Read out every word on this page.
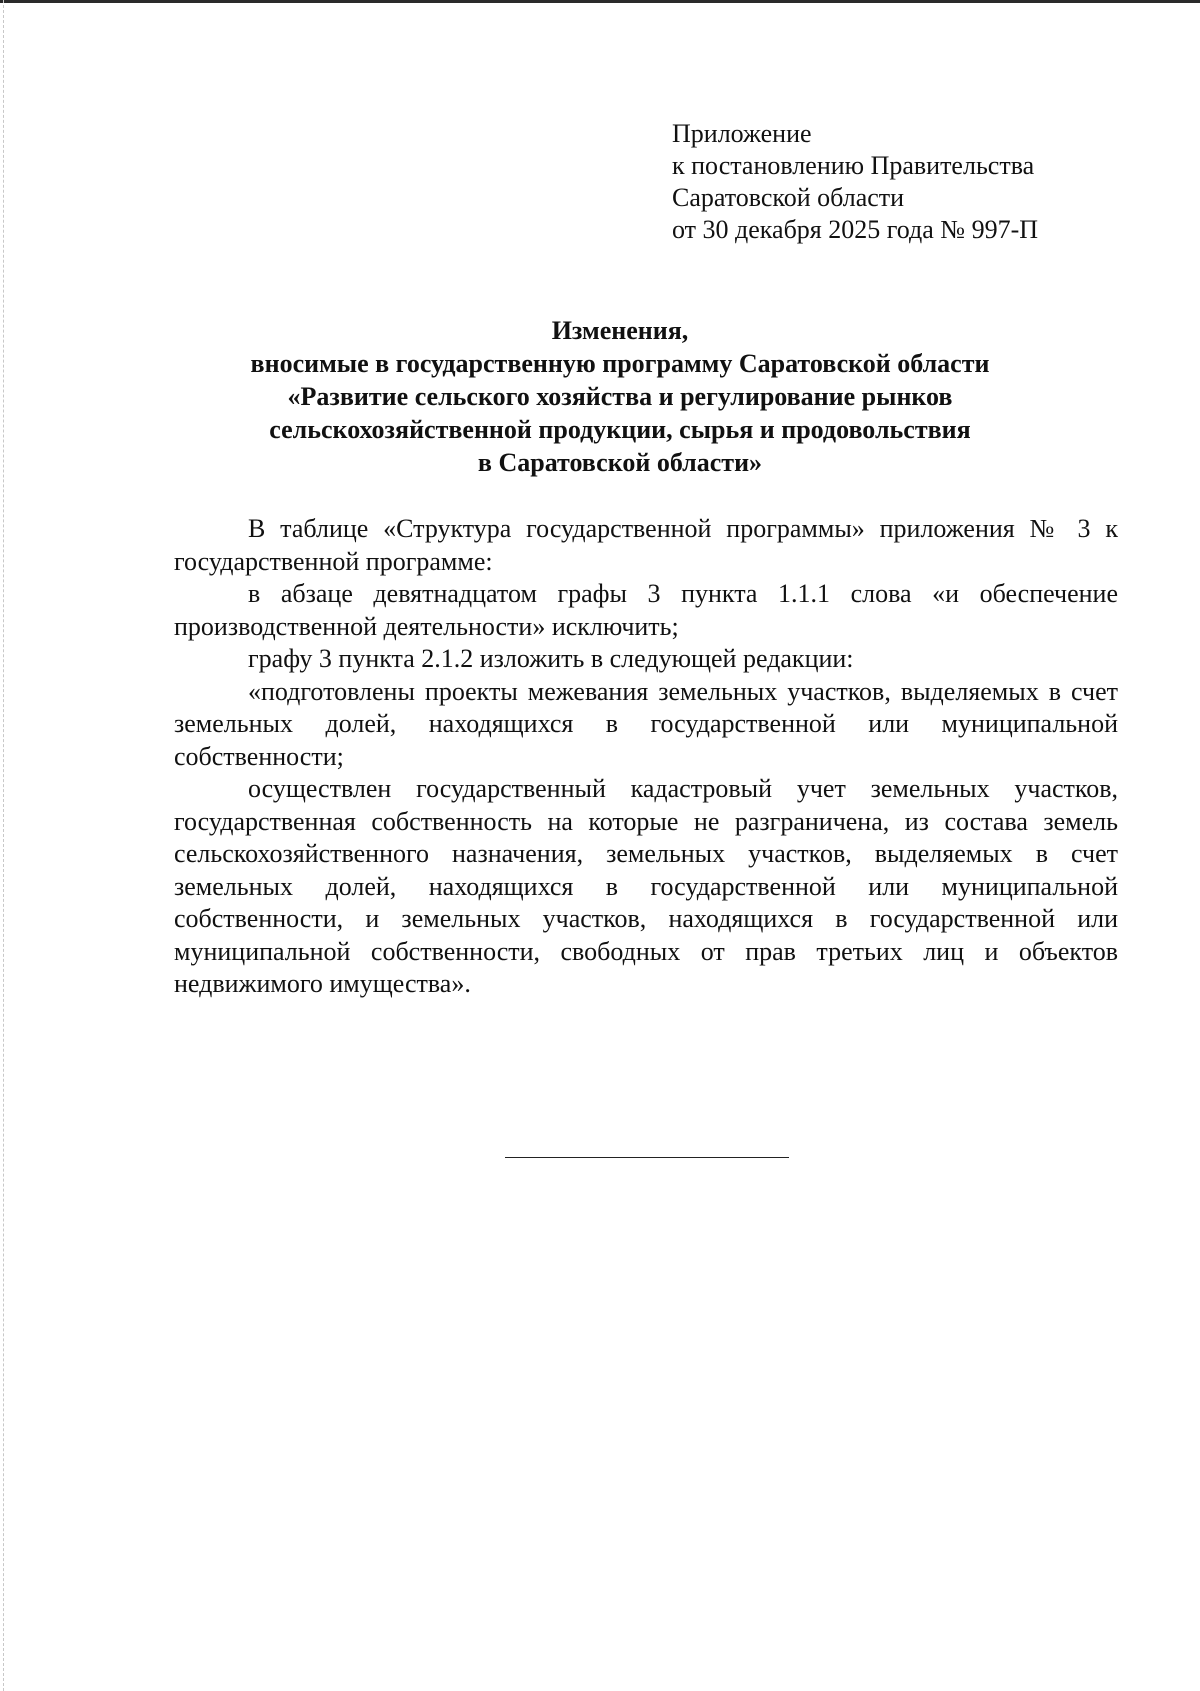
Приложение
к постановлению Правительства
Саратовской области
от 30 декабря 2025 года № 997-П
Изменения,
вносимые в государственную программу Саратовской области
«Развитие сельского хозяйства и регулирование рынков
сельскохозяйственной продукции, сырья и продовольствия
в Саратовской области»

В таблице «Структура государственной программы» приложения № 3 к государственной программе:

в абзаце девятнадцатом графы 3 пункта 1.1.1 слова «и обеспечение производственной деятельности» исключить;

графу 3 пункта 2.1.2 изложить в следующей редакции:

«подготовлены проекты межевания земельных участков, выделяемых в счет земельных долей, находящихся в государственной или муниципальной собственности;

осуществлен государственный кадастровый учет земельных участков, государственная собственность на которые не разграничена, из состава земель сельскохозяйственного назначения, земельных участков, выделяемых в счет земельных долей, находящихся в государственной или муниципальной собственности, и земельных участков, находящихся в государственной или муниципальной собственности, свободных от прав третьих лиц и объектов недвижимого имущества».
